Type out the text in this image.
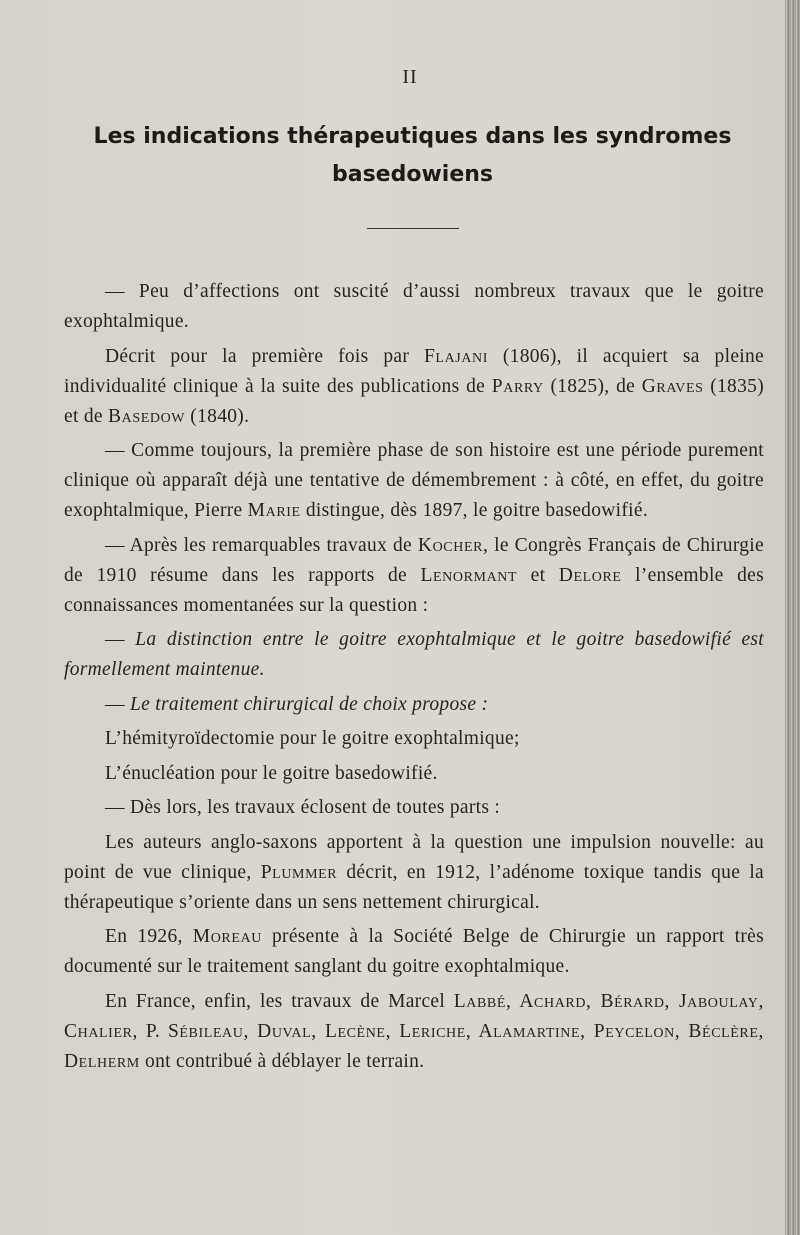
II
Les indications thérapeutiques dans les syndromes
basedowiens

— Peu d’affections ont suscité d’aussi nombreux travaux que le goitre exophtalmique.

Décrit pour la première fois par Flajani (1806), il acquiert sa pleine individualité clinique à la suite des publications de Parry (1825), de Graves (1835) et de Basedow (1840).

— Comme toujours, la première phase de son histoire est une période purement clinique où apparaît déjà une tentative de démembrement : à côté, en effet, du goitre exophtalmique, Pierre Marie distingue, dès 1897, le goitre basedowifié.

— Après les remarquables travaux de Kocher, le Congrès Français de Chirurgie de 1910 résume dans les rapports de Lenormant et Delore l’ensemble des connaissances momentanées sur la question :

— La distinction entre le goitre exophtalmique et le goitre basedowifié est formellement maintenue.

— Le traitement chirurgical de choix propose :

L’hémityroïdectomie pour le goitre exophtalmique;

L’énucléation pour le goitre basedowifié.

— Dès lors, les travaux éclosent de toutes parts :

Les auteurs anglo-saxons apportent à la question une impulsion nouvelle: au point de vue clinique, Plummer décrit, en 1912, l’adénome toxique tandis que la thérapeutique s’oriente dans un sens nettement chirurgical.

En 1926, Moreau présente à la Société Belge de Chirurgie un rapport très documenté sur le traitement sanglant du goitre exophtalmique.

En France, enfin, les travaux de Marcel Labbé, Achard, Bérard, Jaboulay, Chalier, P. Sébileau, Duval, Lecène, Leriche, Alamartine, Peycelon, Béclère, Delherm ont contribué à déblayer le terrain.
